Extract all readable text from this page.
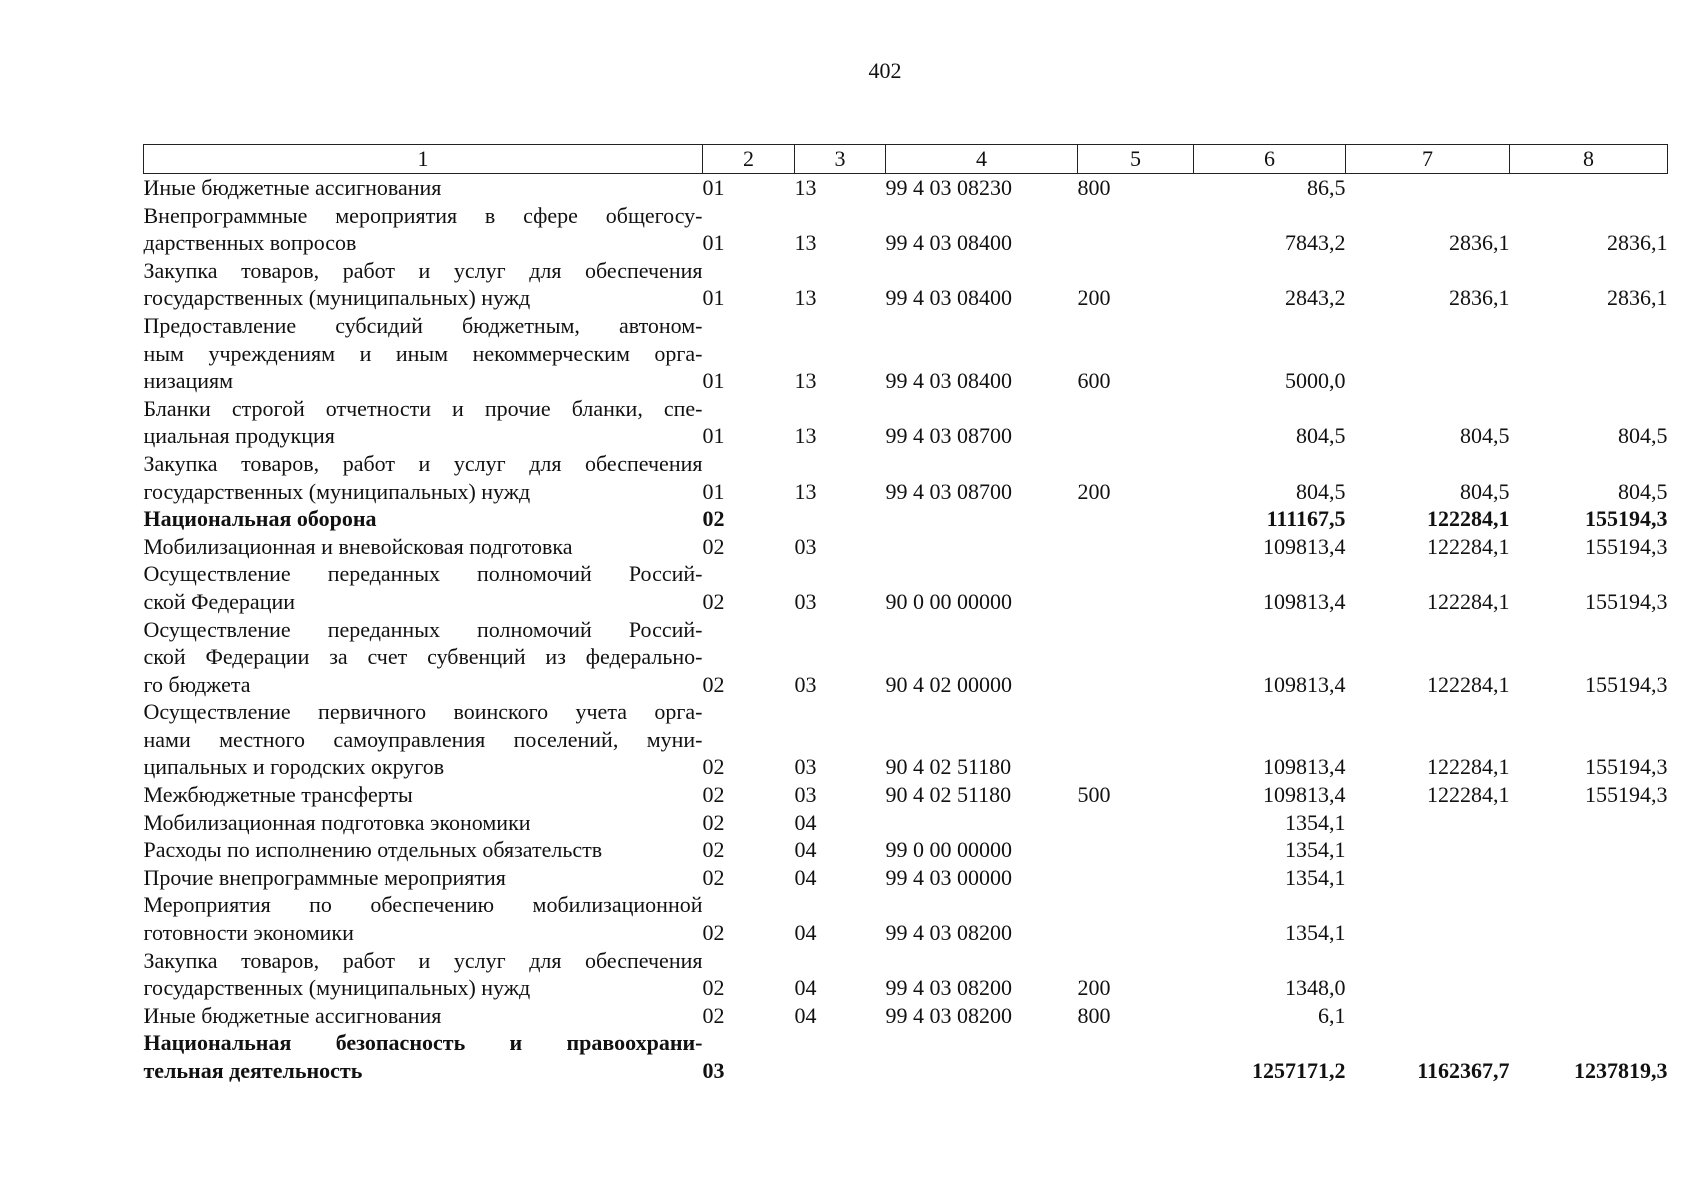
402
1	2	3	4	5	6	7	8

Иные бюджетные ассигнования	01	13	99 4 03 08230	800	86,5		

Внепрограммные мероприятия в сфере общегосу-
дарственных вопросов	01	13	99 4 03 08400		7843,2	2836,1	2836,1

Закупка товаров, работ и услуг для обеспечения
государственных (муниципальных) нужд	01	13	99 4 03 08400	200	2843,2	2836,1	2836,1

Предоставление субсидий бюджетным, автоном-
ным учреждениям и иным некоммерческим орга-
низациям	01	13	99 4 03 08400	600	5000,0		

Бланки строгой отчетности и прочие бланки, спе-
циальная продукция	01	13	99 4 03 08700		804,5	804,5	804,5

Закупка товаров, работ и услуг для обеспечения
государственных (муниципальных) нужд	01	13	99 4 03 08700	200	804,5	804,5	804,5

Национальная оборона	02				111167,5	122284,1	155194,3

Мобилизационная и вневойсковая подготовка	02	03			109813,4	122284,1	155194,3

Осуществление переданных полномочий Россий-
ской Федерации	02	03	90 0 00 00000		109813,4	122284,1	155194,3

Осуществление переданных полномочий Россий-
ской Федерации за счет субвенций из федерально-
го бюджета	02	03	90 4 02 00000		109813,4	122284,1	155194,3

Осуществление первичного воинского учета орга-
нами местного самоуправления поселений, муни-
ципальных и городских округов	02	03	90 4 02 51180		109813,4	122284,1	155194,3

Межбюджетные трансферты	02	03	90 4 02 51180	500	109813,4	122284,1	155194,3

Мобилизационная подготовка экономики	02	04			1354,1		

Расходы по исполнению отдельных обязательств	02	04	99 0 00 00000		1354,1		

Прочие внепрограммные мероприятия	02	04	99 4 03 00000		1354,1		

Мероприятия по обеспечению мобилизационной
готовности экономики	02	04	99 4 03 08200		1354,1		

Закупка товаров, работ и услуг для обеспечения
государственных (муниципальных) нужд	02	04	99 4 03 08200	200	1348,0		

Иные бюджетные ассигнования	02	04	99 4 03 08200	800	6,1		

Национальная безопасность и правоохрани-
тельная деятельность	03				1257171,2	1162367,7	1237819,3
